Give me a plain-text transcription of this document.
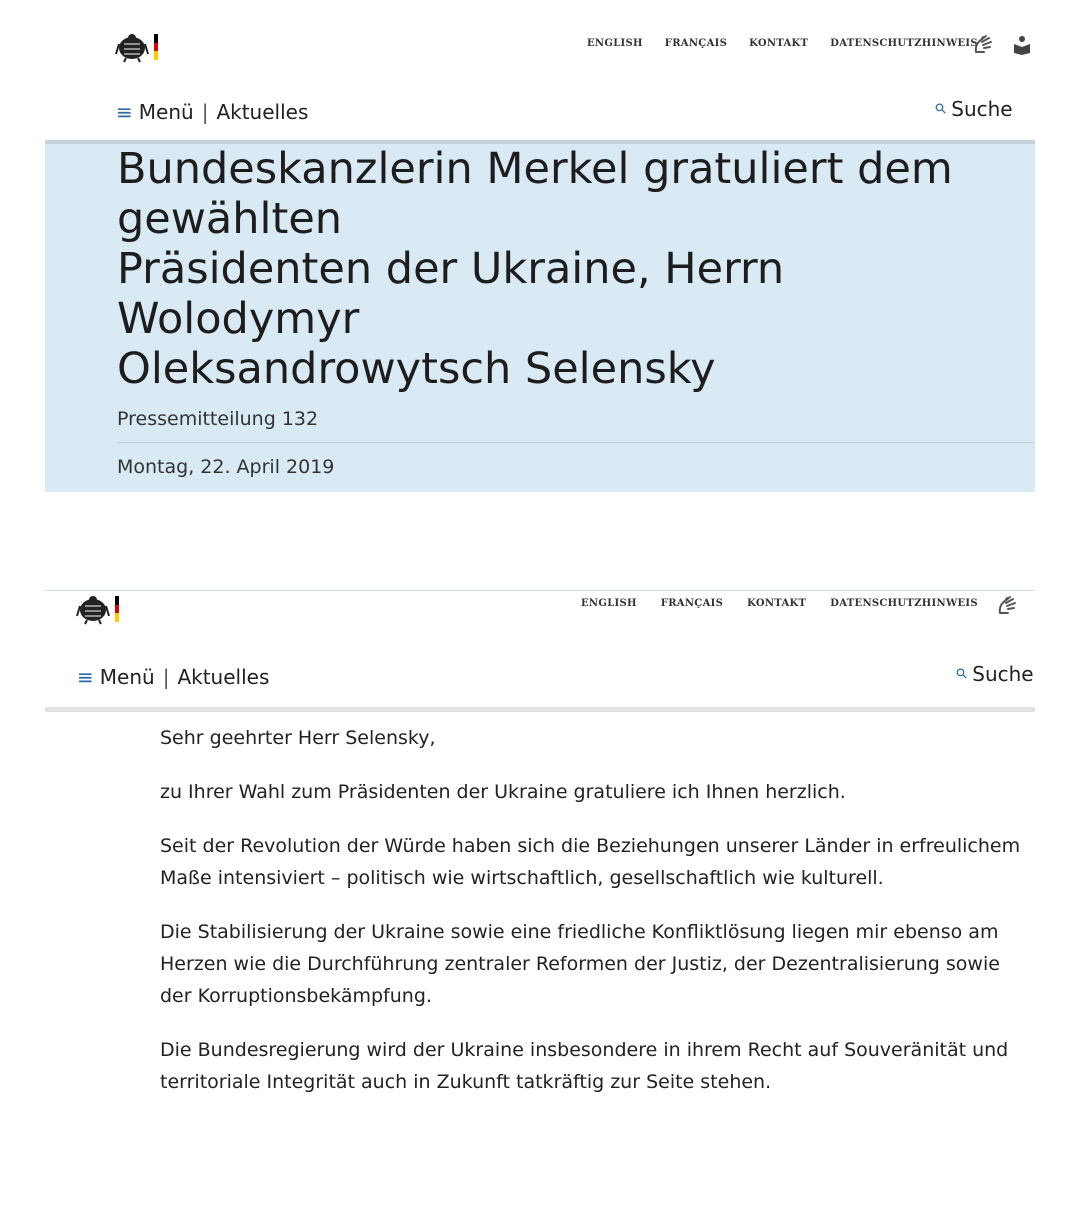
ENGLISH FRANÇAIS KONTAKT DATENSCHUTZHINWEIS
≡ Menü | Aktuelles	⚲ Suche
Bundeskanzlerin Merkel gratuliert dem
gewählten
Präsidenten der Ukraine, Herrn Wolodymyr
Oleksandrowytsch Selensky
Pressemitteilung 132
Montag, 22. April 2019
ENGLISH FRANÇAIS KONTAKT DATENSCHUTZHINWEIS
≡ Menü | Aktuelles	⚲ Suche

Sehr geehrter Herr Selensky,

zu Ihrer Wahl zum Präsidenten der Ukraine gratuliere ich Ihnen herzlich.

Seit der Revolution der Würde haben sich die Beziehungen unserer Länder in erfreulichem Maße intensiviert – politisch wie wirtschaftlich, gesellschaftlich wie kulturell.

Die Stabilisierung der Ukraine sowie eine friedliche Konfliktlösung liegen mir ebenso am Herzen wie die Durchführung zentraler Reformen der Justiz, der Dezentralisierung sowie der Korruptionsbekämpfung.

Die Bundesregierung wird der Ukraine insbesondere in ihrem Recht auf Souveränität und territoriale Integrität auch in Zukunft tatkräftig zur Seite stehen.
